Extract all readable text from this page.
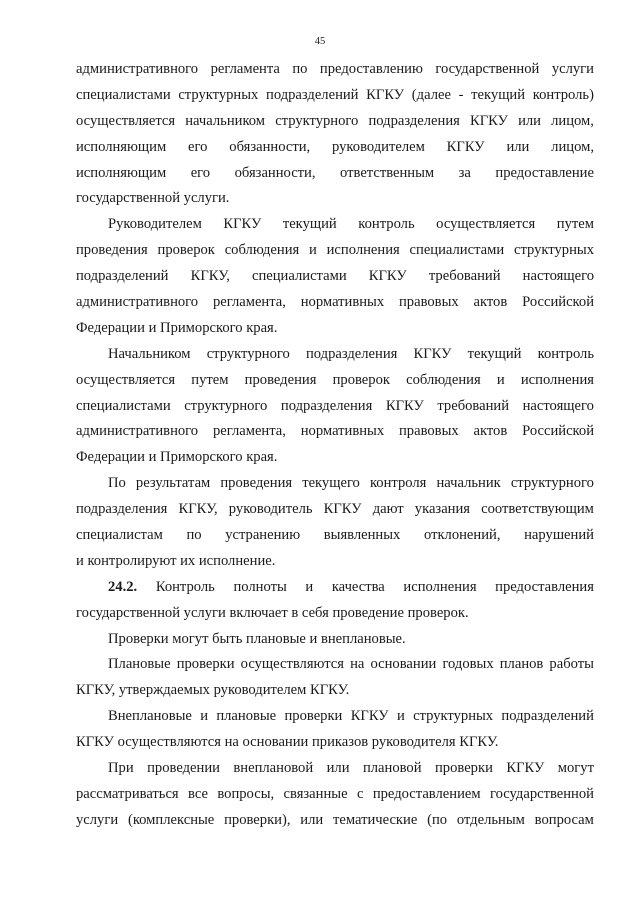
45
административного регламента по предоставлению государственной услуги
специалистами структурных подразделений КГКУ (далее - текущий контроль)
осуществляется начальником структурного подразделения КГКУ или лицом,
исполняющим его обязанности, руководителем КГКУ или лицом,
исполняющим его обязанности, ответственным за предоставление
государственной услуги.
Руководителем КГКУ текущий контроль осуществляется путем
проведения проверок соблюдения и исполнения специалистами структурных
подразделений КГКУ, специалистами КГКУ требований настоящего
административного регламента, нормативных правовых актов Российской
Федерации и Приморского края.
Начальником структурного подразделения КГКУ текущий контроль
осуществляется путем проведения проверок соблюдения и исполнения
специалистами структурного подразделения КГКУ требований настоящего
административного регламента, нормативных правовых актов Российской
Федерации и Приморского края.
По результатам проведения текущего контроля начальник структурного
подразделения КГКУ, руководитель КГКУ дают указания соответствующим
специалистам по устранению выявленных отклонений, нарушений
и контролируют их исполнение.
24.2. Контроль полноты и качества исполнения предоставления
государственной услуги включает в себя проведение проверок.
Проверки могут быть плановые и внеплановые.
Плановые проверки осуществляются на основании годовых планов работы
КГКУ, утверждаемых руководителем КГКУ.
Внеплановые и плановые проверки КГКУ и структурных подразделений
КГКУ осуществляются на основании приказов руководителя КГКУ.
При проведении внеплановой или плановой проверки КГКУ могут
рассматриваться все вопросы, связанные с предоставлением государственной
услуги (комплексные проверки), или тематические (по отдельным вопросам
